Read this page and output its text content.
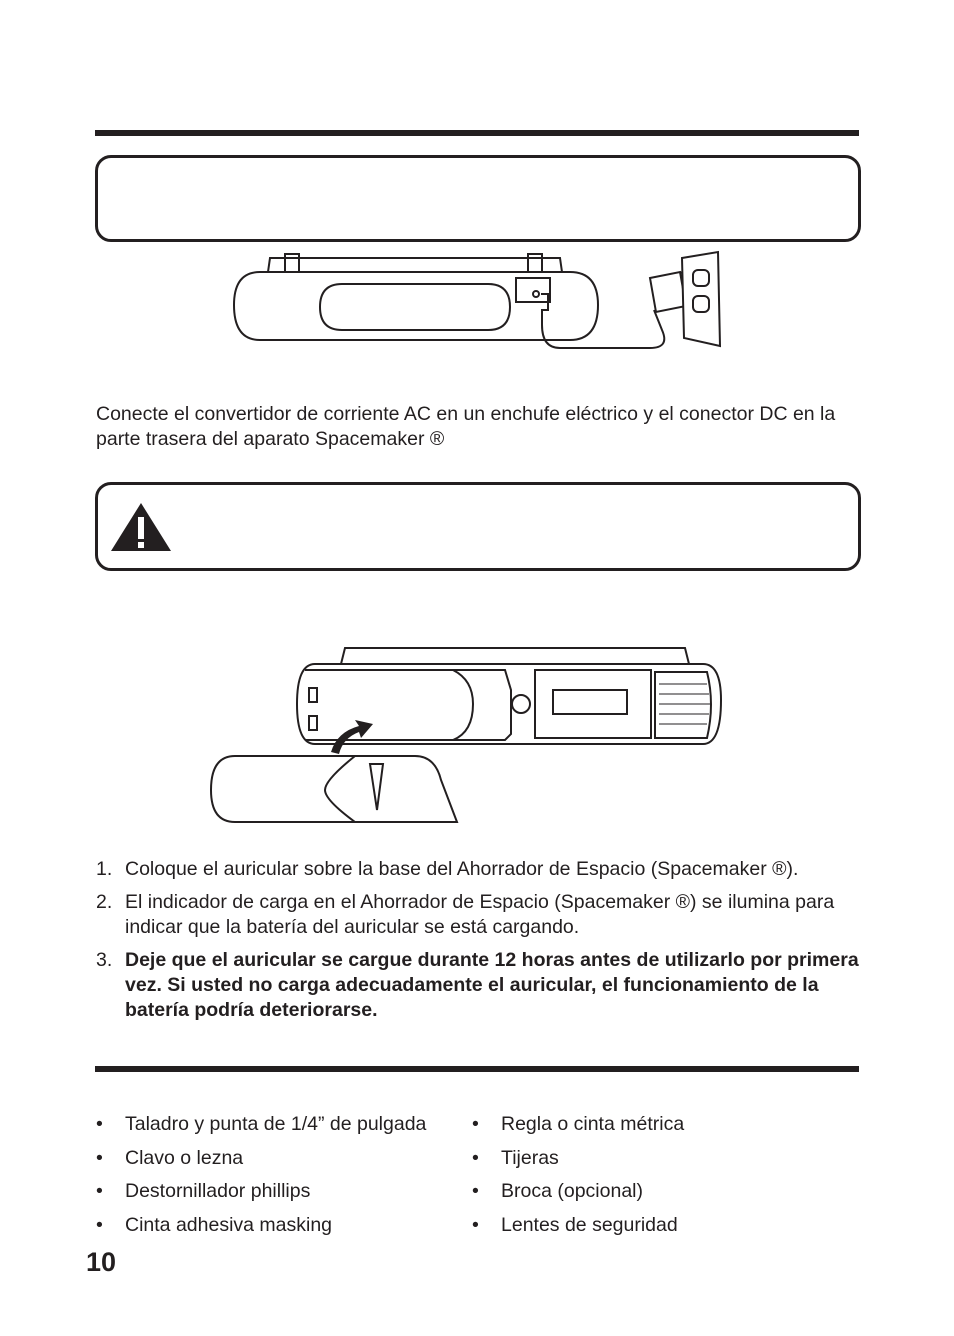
Conecte el convertidor de corriente AC en un enchufe eléctrico y el conector DC en la parte trasera del aparato Spacemaker ®
1. Coloque el auricular sobre la base del Ahorrador de Espacio (Spacemaker ®).
2. El indicador de carga en el Ahorrador de Espacio (Spacemaker ®) se ilumina para indicar que la batería del auricular se está cargando.
3. Deje que el auricular se cargue durante 12 horas antes de utilizarlo por primera vez. Si usted no carga adecuadamente el auricular, el funcionamiento de la batería podría deteriorarse.
• Taladro y punta de 1/4” de pulgada
• Clavo o lezna
• Destornillador phillips
• Cinta adhesiva masking
• Regla o cinta métrica
• Tijeras
• Broca (opcional)
• Lentes de seguridad
10
